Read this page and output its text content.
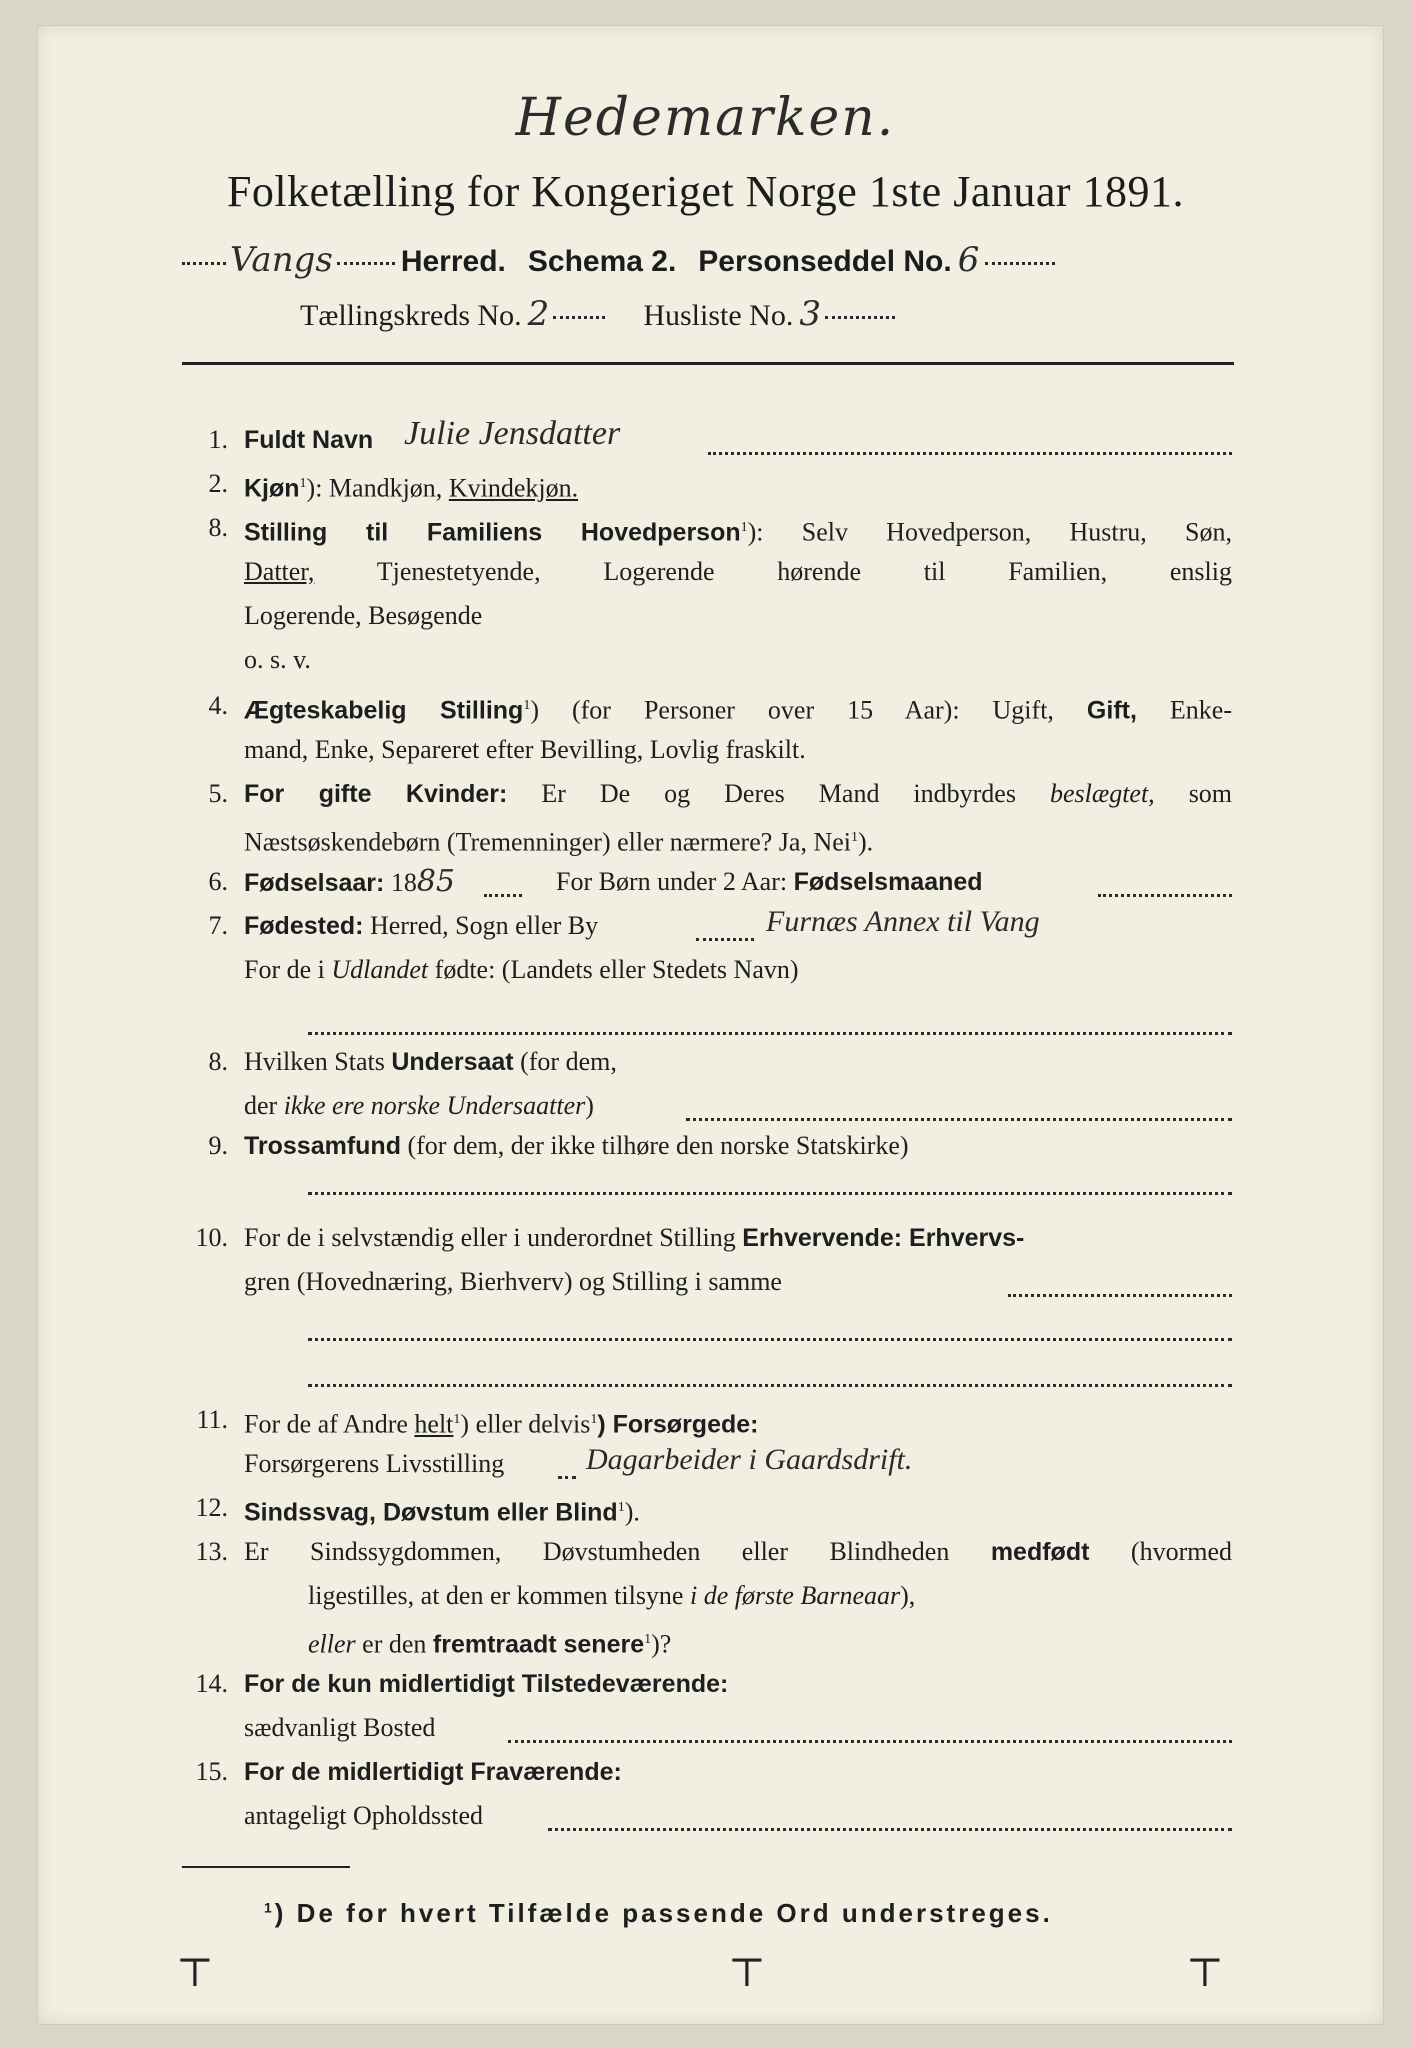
Hedemarken.
Folketælling for Kongeriget Norge 1ste Januar 1891.
Vangs Herred. Schema 2. Personseddel No. 6
Tællingskreds No. 2	Husliste No. 3
1. Fuldt Navn Julie Jensdatter
2. Kjøn$^1$): Mandkjøn, Kvindekjøn.
8. Stilling til Familiens Hovedperson$^1$): Selv Hovedperson, Hustru, Søn,
Datter, Tjenestetyende, Logerende hørende til Familien, enslig
Logerende, Besøgende
o. s. v.
4. Ægteskabelig Stilling$^1$) (for Personer over 15 Aar): Ugift, Gift, Enke-
mand, Enke, Separeret efter Bevilling, Lovlig fraskilt.
5. For gifte Kvinder: Er De og Deres Mand indbyrdes beslægtet, som
Næstsøskendebørn (Tremenninger) eller nærmere? Ja, Nei$^1$).
6. Fødselsaar: 1885	For Børn under 2 Aar: Fødselsmaaned
7. Fødested: Herred, Sogn eller By	Furnæs Annex til Vang
For de i Udlandet fødte: (Landets eller Stedets Navn)
8. Hvilken Stats Undersaat (for dem,
der ikke ere norske Undersaatter)
9. Trossamfund (for dem, der ikke tilhøre den norske Statskirke)
10. For de i selvstændig eller i underordnet Stilling Erhvervende: Erhvervs-
gren (Hovednæring, Bierhverv) og Stilling i samme
11. For de af Andre helt$^1$) eller delvis$^1$) Forsørgede:
Forsørgerens Livsstilling	Dagarbeider i Gaardsdrift.
12. Sindssvag, Døvstum eller Blind$^1$).
13. Er Sindssygdommen, Døvstumheden eller Blindheden medfødt (hvormed
ligestilles, at den er kommen tilsyne i de første Barneaar),
eller er den fremtraadt senere$^1$)?
14. For de kun midlertidigt Tilstedeværende:
sædvanligt Bosted
15. For de midlertidigt Fraværende:
antageligt Opholdssted
$^1$) De for hvert Tilfælde passende Ord understreges.
⊤	⊤	⊤
